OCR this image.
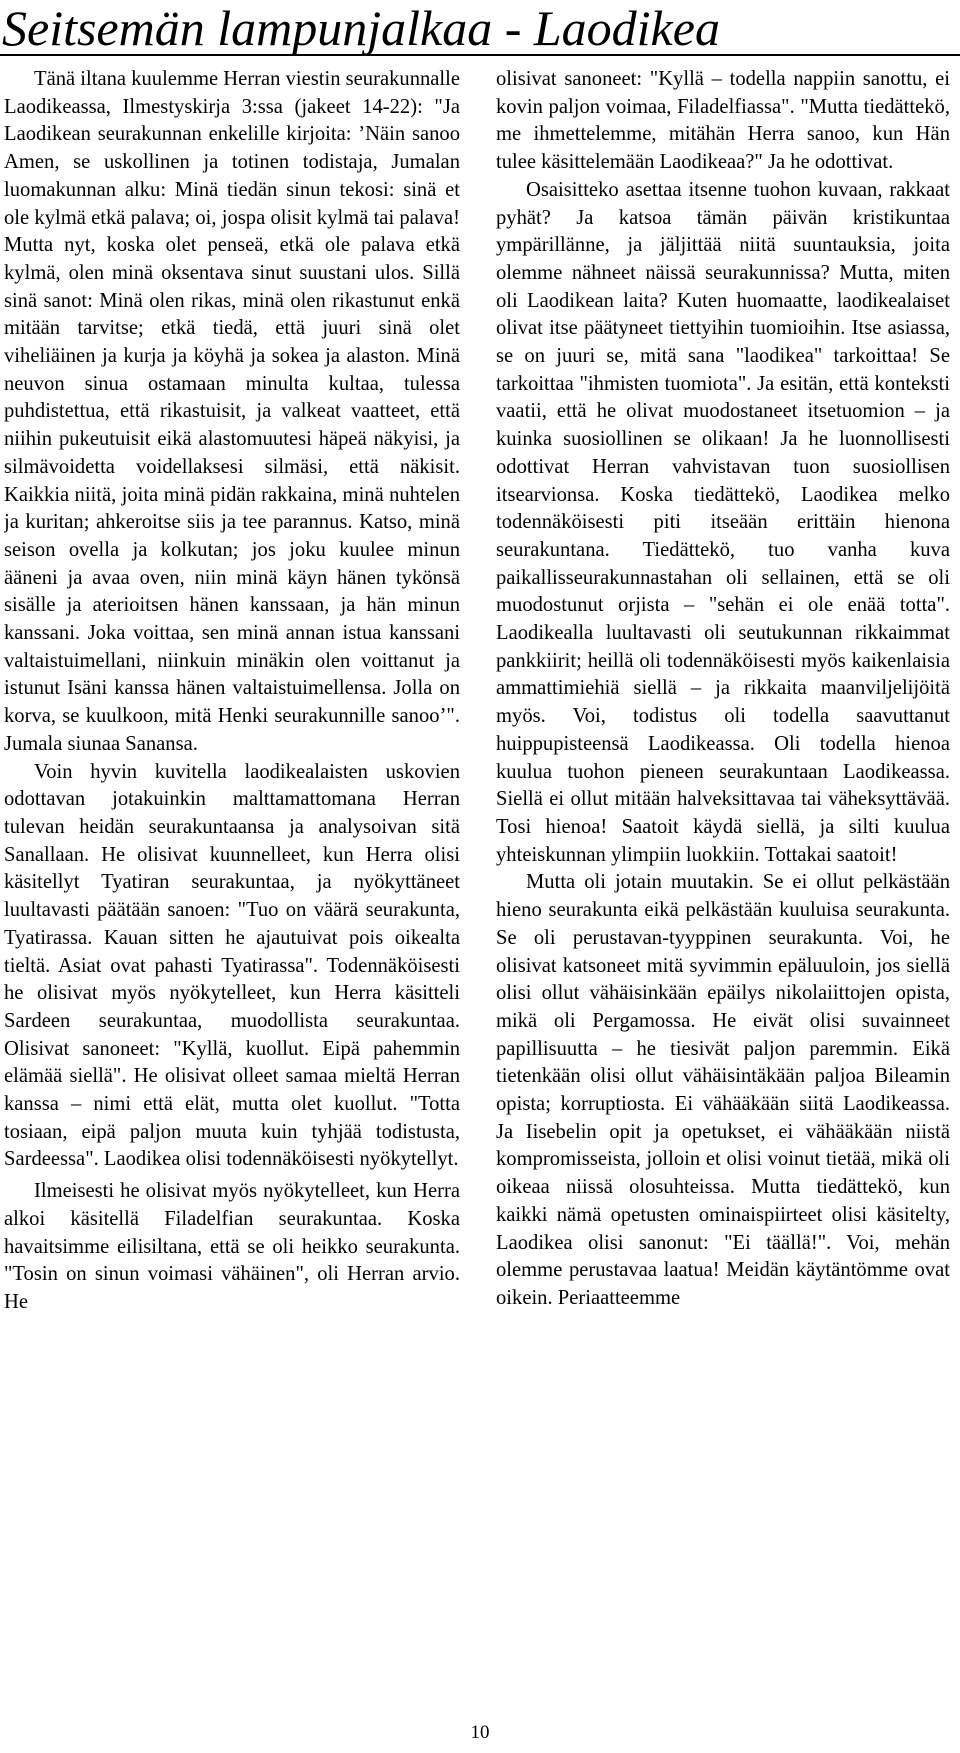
Seitsemän lampunjalkaa - Laodikea

Tänä iltana kuulemme Herran viestin seurakunnalle Laodikeassa, Ilmestyskirja 3:ssa (jakeet 14-22): "Ja Laodikean seurakunnan enkelille kirjoita: ’Näin sanoo Amen, se uskollinen ja totinen todistaja, Jumalan luomakunnan alku: Minä tiedän sinun tekosi: sinä et ole kylmä etkä palava; oi, jospa olisit kylmä tai palava! Mutta nyt, koska olet penseä, etkä ole palava etkä kylmä, olen minä oksentava sinut suustani ulos. Sillä sinä sanot: Minä olen rikas, minä olen rikastunut enkä mitään tarvitse; etkä tiedä, että juuri sinä olet viheliäinen ja kurja ja köyhä ja sokea ja alaston. Minä neuvon sinua ostamaan minulta kultaa, tulessa puhdistettua, että rikastuisit, ja valkeat vaatteet, että niihin pukeutuisit eikä alastomuutesi häpeä näkyisi, ja silmävoidetta voidellaksesi silmäsi, että näkisit. Kaikkia niitä, joita minä pidän rakkaina, minä nuhtelen ja kuritan; ahkeroitse siis ja tee parannus. Katso, minä seison ovella ja kolkutan; jos joku kuulee minun ääneni ja avaa oven, niin minä käyn hänen tykönsä sisälle ja aterioitsen hänen kanssaan, ja hän minun kanssani. Joka voittaa, sen minä annan istua kanssani valtaistuimellani, niinkuin minäkin olen voittanut ja istunut Isäni kanssa hänen valtaistuimellensa. Jolla on korva, se kuulkoon, mitä Henki seurakunnille sanoo’". Jumala siunaa Sanansa.

Voin hyvin kuvitella laodikealaisten uskovien odottavan jotakuinkin malttamattomana Herran tulevan heidän seurakuntaansa ja analysoivan sitä Sanallaan. He olisivat kuunnelleet, kun Herra olisi käsitellyt Tyatiran seurakuntaa, ja nyökyttäneet luultavasti päätään sanoen: "Tuo on väärä seurakunta, Tyatirassa. Kauan sitten he ajautuivat pois oikealta tieltä. Asiat ovat pahasti Tyatirassa". Todennäköisesti he olisivat myös nyökytelleet, kun Herra käsitteli Sardeen seurakuntaa, muodollista seurakuntaa. Olisivat sanoneet: "Kyllä, kuollut. Eipä pahemmin elämää siellä". He olisivat olleet samaa mieltä Herran kanssa – nimi että elät, mutta olet kuollut. "Totta tosiaan, eipä paljon muuta kuin tyhjää todistusta, Sardeessa". Laodikea olisi todennäköisesti nyökytellyt.

Ilmeisesti he olisivat myös nyökytelleet, kun Herra alkoi käsitellä Filadelfian seurakuntaa. Koska havaitsimme eilisiltana, että se oli heikko seurakunta. "Tosin on sinun voimasi vähäinen", oli Herran arvio. He

olisivat sanoneet: "Kyllä – todella nappiin sanottu, ei kovin paljon voimaa, Filadelfiassa". "Mutta tiedättekö, me ihmettelemme, mitähän Herra sanoo, kun Hän tulee käsittelemään Laodikeaa?" Ja he odottivat.

Osaisitteko asettaa itsenne tuohon kuvaan, rakkaat pyhät? Ja katsoa tämän päivän kristikuntaa ympärillänne, ja jäljittää niitä suuntauksia, joita olemme nähneet näissä seurakunnissa? Mutta, miten oli Laodikean laita? Kuten huomaatte, laodikealaiset olivat itse päätyneet tiettyihin tuomioihin. Itse asiassa, se on juuri se, mitä sana "laodikea" tarkoittaa! Se tarkoittaa "ihmisten tuomiota". Ja esitän, että konteksti vaatii, että he olivat muodostaneet itsetuomion – ja kuinka suosiollinen se olikaan! Ja he luonnollisesti odottivat Herran vahvistavan tuon suosiollisen itsearvionsa. Koska tiedättekö, Laodikea melko todennäköisesti piti itseään erittäin hienona seurakuntana. Tiedättekö, tuo vanha kuva paikallisseurakunnastahan oli sellainen, että se oli muodostunut orjista – "sehän ei ole enää totta". Laodikealla luultavasti oli seutukunnan rikkaimmat pankkiirit; heillä oli todennäköisesti myös kaikenlaisia ammattimiehiä siellä – ja rikkaita maanviljelijöitä myös. Voi, todistus oli todella saavuttanut huippupisteensä Laodikeassa. Oli todella hienoa kuulua tuohon pieneen seurakuntaan Laodikeassa. Siellä ei ollut mitään halveksittavaa tai väheksyttävää. Tosi hienoa! Saatoit käydä siellä, ja silti kuulua yhteiskunnan ylimpiin luokkiin. Tottakai saatoit!

Mutta oli jotain muutakin. Se ei ollut pelkästään hieno seurakunta eikä pelkästään kuuluisa seurakunta. Se oli perustavan-tyyppinen seurakunta. Voi, he olisivat katsoneet mitä syvimmin epäluuloin, jos siellä olisi ollut vähäisinkään epäilys nikolaiittojen opista, mikä oli Pergamossa. He eivät olisi suvainneet papillisuutta – he tiesivät paljon paremmin. Eikä tietenkään olisi ollut vähäisintäkään paljoa Bileamin opista; korruptiosta. Ei vähääkään siitä Laodikeassa. Ja Iisebelin opit ja opetukset, ei vähääkään niistä kompromisseista, jolloin et olisi voinut tietää, mikä oli oikeaa niissä olosuhteissa. Mutta tiedättekö, kun kaikki nämä opetusten ominaispiirteet olisi käsitelty, Laodikea olisi sanonut: "Ei täällä!". Voi, mehän olemme perustavaa laatua! Meidän käytäntömme ovat oikein. Periaatteemme

10
